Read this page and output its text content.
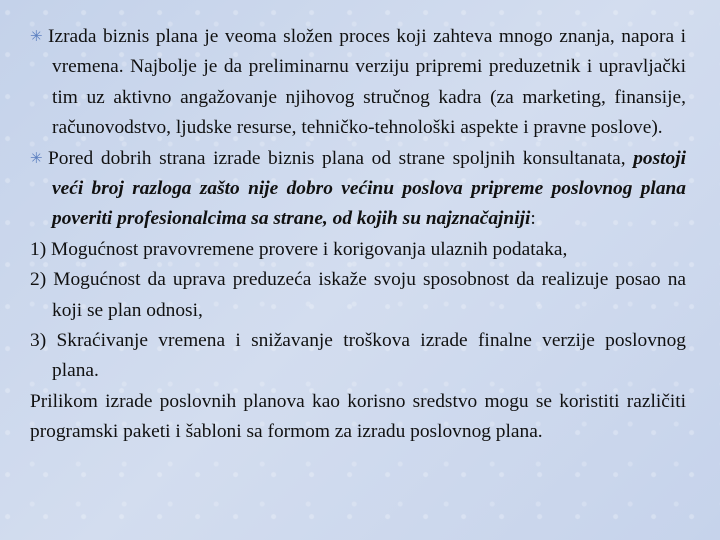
✳ Izrada biznis plana je veoma složen proces koji zahteva mnogo znanja, napora i vremena. Najbolje je da preliminarnu verziju pripremi preduzetnik i upravljački tim uz aktivno angažovanje njihovog stručnog kadra (za marketing, finansije, računovodstvo, ljudske resurse, tehničko-tehnološki aspekte i pravne poslove).

✳ Pored dobrih strana izrade biznis plana od strane spoljnih konsultanata, postoji veći broj razloga zašto nije dobro većinu poslova pripreme poslovnog plana poveriti profesionalcima sa strane, od kojih su najznačajniji:

1) Mogućnost pravovremene provere i korigovanja ulaznih podataka,

2) Mogućnost da uprava preduzeća iskaže svoju sposobnost da realizuje posao na koji se plan odnosi,

3) Skraćivanje vremena i snižavanje troškova izrade finalne verzije poslovnog plana.

Prilikom izrade poslovnih planova kao korisno sredstvo mogu se koristiti različiti programski paketi i šabloni sa formom za izradu poslovnog plana.
